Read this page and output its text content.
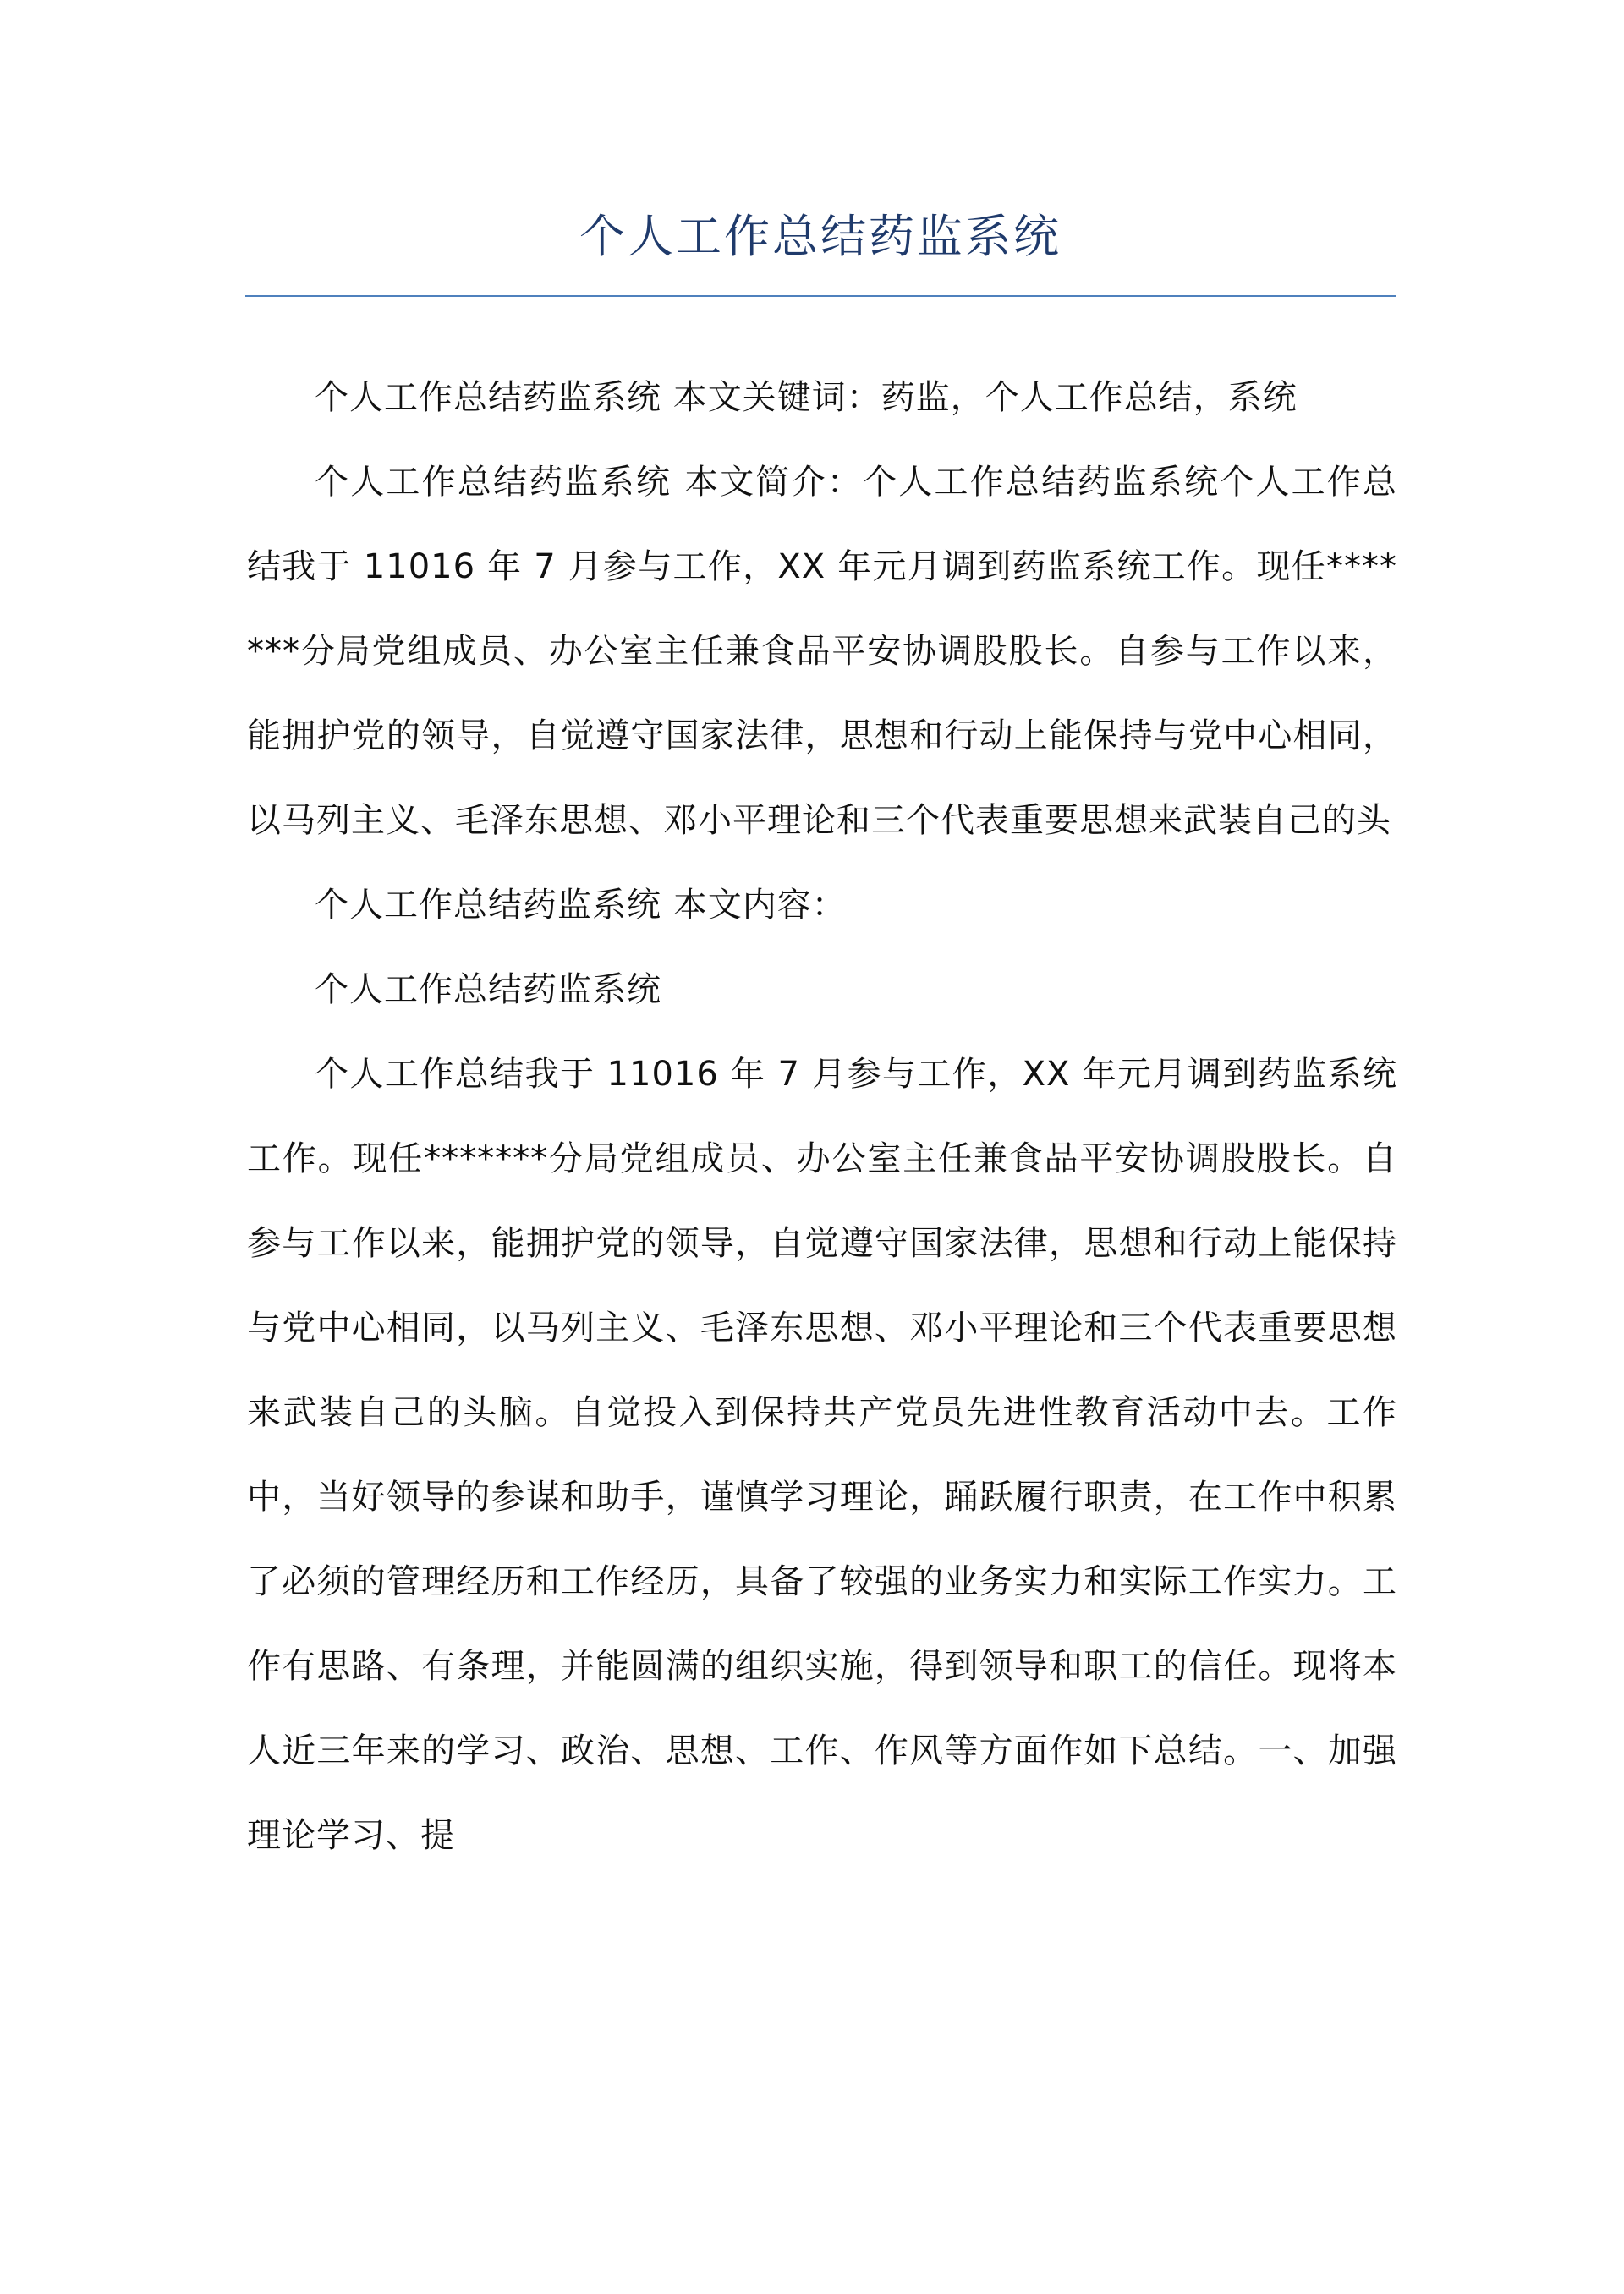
个人工作总结药监系统

个人工作总结药监系统 本文关键词：药监，个人工作总结，系统

个人工作总结药监系统 本文简介：个人工作总结药监系统个人工作总结我于 11016 年 7 月参与工作，XX 年元月调到药监系统工作。现任*******分局党组成员、办公室主任兼食品平安协调股股长。自参与工作以来，能拥护党的领导，自觉遵守国家法律，思想和行动上能保持与党中心相同，以马列主义、毛泽东思想、邓小平理论和三个代表重要思想来武装自己的头

个人工作总结药监系统 本文内容：

个人工作总结药监系统

个人工作总结我于 11016 年 7 月参与工作，XX 年元月调到药监系统工作。现任*******分局党组成员、办公室主任兼食品平安协调股股长。自参与工作以来，能拥护党的领导，自觉遵守国家法律，思想和行动上能保持与党中心相同，以马列主义、毛泽东思想、邓小平理论和三个代表重要思想来武装自己的头脑。自觉投入到保持共产党员先进性教育活动中去。工作中，当好领导的参谋和助手，谨慎学习理论，踊跃履行职责，在工作中积累了必须的管理经历和工作经历，具备了较强的业务实力和实际工作实力。工作有思路、有条理，并能圆满的组织实施，得到领导和职工的信任。现将本人近三年来的学习、政治、思想、工作、作风等方面作如下总结。一、加强理论学习、提
